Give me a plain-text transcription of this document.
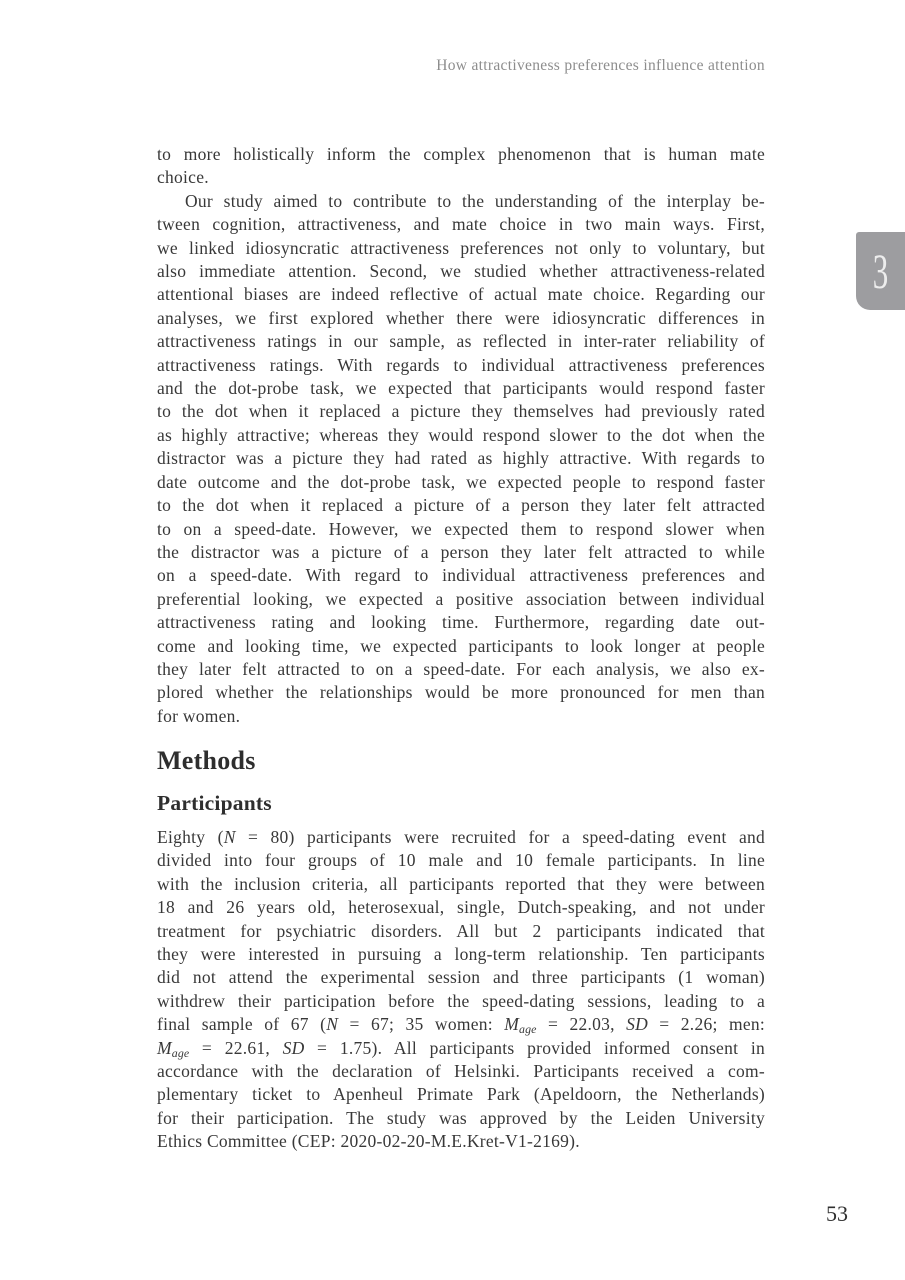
How attractiveness preferences influence attention
3
to more holistically inform the complex phenomenon that is human mate
choice.
Our study aimed to contribute to the understanding of the interplay be-
tween cognition, attractiveness, and mate choice in two main ways. First,
we linked idiosyncratic attractiveness preferences not only to voluntary, but
also immediate attention. Second, we studied whether attractiveness-related
attentional biases are indeed reflective of actual mate choice. Regarding our
analyses, we first explored whether there were idiosyncratic differences in
attractiveness ratings in our sample, as reflected in inter-rater reliability of
attractiveness ratings. With regards to individual attractiveness preferences
and the dot-probe task, we expected that participants would respond faster
to the dot when it replaced a picture they themselves had previously rated
as highly attractive; whereas they would respond slower to the dot when the
distractor was a picture they had rated as highly attractive. With regards to
date outcome and the dot-probe task, we expected people to respond faster
to the dot when it replaced a picture of a person they later felt attracted
to on a speed-date. However, we expected them to respond slower when
the distractor was a picture of a person they later felt attracted to while
on a speed-date. With regard to individual attractiveness preferences and
preferential looking, we expected a positive association between individual
attractiveness rating and looking time. Furthermore, regarding date out-
come and looking time, we expected participants to look longer at people
they later felt attracted to on a speed-date. For each analysis, we also ex-
plored whether the relationships would be more pronounced for men than
for women.
Methods
Participants
Eighty (N = 80) participants were recruited for a speed-dating event and
divided into four groups of 10 male and 10 female participants. In line
with the inclusion criteria, all participants reported that they were between
18 and 26 years old, heterosexual, single, Dutch-speaking, and not under
treatment for psychiatric disorders. All but 2 participants indicated that
they were interested in pursuing a long-term relationship. Ten participants
did not attend the experimental session and three participants (1 woman)
withdrew their participation before the speed-dating sessions, leading to a
final sample of 67 (N = 67; 35 women: $M_{age} = 22.03$, SD = 2.26; men:
$M_{age} = 22.61$, SD = 1.75). All participants provided informed consent in
accordance with the declaration of Helsinki. Participants received a com-
plementary ticket to Apenheul Primate Park (Apeldoorn, the Netherlands)
for their participation. The study was approved by the Leiden University
Ethics Committee (CEP: 2020-02-20-M.E.Kret-V1-2169).
53
